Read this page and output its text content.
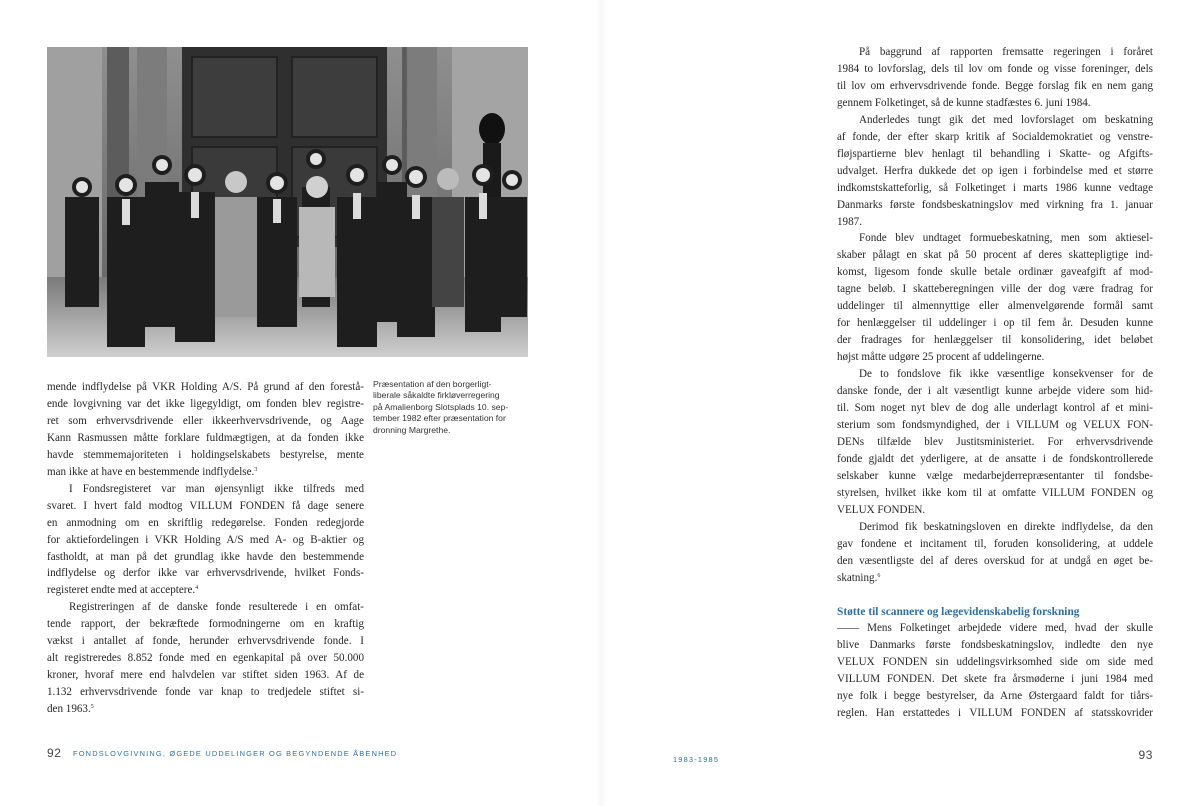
Præsentation af den borgerligt-

liberale såkaldte firkløverregering

på Amalienborg Slotsplads 10. sep-

tember 1982 efter præsentation for

dronning Margrethe.

mende indflydelse på VKR Holding A/S. På grund af den forestå-
ende lovgivning var det ikke ligegyldigt, om fonden blev registre-
ret som erhvervsdrivende eller ikkeerhvervsdrivende, og Aage
Kann Rasmussen måtte forklare fuldmægtigen, at da fonden ikke
havde stemmemajoriteten i holdingselskabets bestyrelse, mente
man ikke at have en bestemmende indflydelse.$^3$
I Fondsregisteret var man øjensynligt ikke tilfreds med
svaret. I hvert fald modtog VILLUM FONDEN få dage senere
en anmodning om en skriftlig redegørelse. Fonden redegjorde
for aktiefordelingen i VKR Holding A/S med A- og B-aktier og
fastholdt, at man på det grundlag ikke havde den bestemmende
indflydelse og derfor ikke var erhvervsdrivende, hvilket Fonds-
registeret endte med at acceptere.$^4$
Registreringen af de danske fonde resulterede i en omfat-
tende rapport, der bekræftede formodningerne om en kraftig
vækst i antallet af fonde, herunder erhvervsdrivende fonde. I
alt registreredes 8.852 fonde med en egenkapital på over 50.000
kroner, hvoraf mere end halvdelen var stiftet siden 1963. Af de
1.132 erhvervsdrivende fonde var knap to tredjedele stiftet si-
den 1963.$^5$
På baggrund af rapporten fremsatte regeringen i foråret
1984 to lovforslag, dels til lov om fonde og visse foreninger, dels
til lov om erhvervsdrivende fonde. Begge forslag fik en nem gang
gennem Folketinget, så de kunne stadfæstes 6. juni 1984.
Anderledes tungt gik det med lovforslaget om beskatning
af fonde, der efter skarp kritik af Socialdemokratiet og venstre-
fløjspartierne blev henlagt til behandling i Skatte- og Afgifts-
udvalget. Herfra dukkede det op igen i forbindelse med et større
indkomstskatteforlig, så Folketinget i marts 1986 kunne vedtage
Danmarks første fondsbeskatningslov med virkning fra 1. januar
1987.
Fonde blev undtaget formuebeskatning, men som aktiesel-
skaber pålagt en skat på 50 procent af deres skattepligtige ind-
komst, ligesom fonde skulle betale ordinær gaveafgift af mod-
tagne beløb. I skatteberegningen ville der dog være fradrag for
uddelinger til almennyttige eller almenvelgørende formål samt
for henlæggelser til uddelinger i op til fem år. Desuden kunne
der fradrages for henlæggelser til konsolidering, idet beløbet
højst måtte udgøre 25 procent af uddelingerne.
De to fondslove fik ikke væsentlige konsekvenser for de
danske fonde, der i alt væsentligt kunne arbejde videre som hid-
til. Som noget nyt blev de dog alle underlagt kontrol af et mini-
sterium som fondsmyndighed, der i VILLUM og VELUX FON-
DENs tilfælde blev Justitsministeriet. For erhvervsdrivende
fonde gjaldt det yderligere, at de ansatte i de fondskontrollerede
selskaber kunne vælge medarbejderrepræsentanter til fondsbe-
styrelsen, hvilket ikke kom til at omfatte VILLUM FONDEN og
VELUX FONDEN.
Derimod fik beskatningsloven en direkte indflydelse, da den
gav fondene et incitament til, foruden konsolidering, at uddele
den væsentligste del af deres overskud for at undgå en øget be-
skatning.$^6$
Støtte til scannere og lægevidenskabelig forskning
—— Mens Folketinget arbejdede videre med, hvad der skulle
blive Danmarks første fondsbeskatningslov, indledte den nye
VELUX FONDEN sin uddelingsvirksomhed side om side med
VILLUM FONDEN. Det skete fra årsmøderne i juni 1984 med
nye folk i begge bestyrelser, da Arne Østergaard faldt for tiårs-
reglen. Han erstattedes i VILLUM FONDEN af statsskovrider
92 FONDSLOVGIVNING, ØGEDE UDDELINGER OG BEGYNDENDE ÅBENHED
1983-1985	93
